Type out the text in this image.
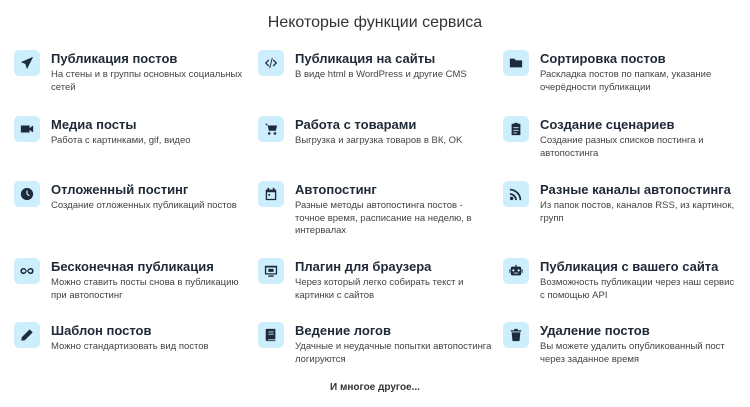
Некоторые функции сервиса
Публикация постов
На стены и в группы основных социальных сетей
Публикация на сайты
В виде html в WordPress и другие CMS
Сортировка постов
Раскладка постов по папкам, указание очерёдности публикации
Медиа посты
Работа с картинками, gif, видео
Работа с товарами
Выгрузка и загрузка товаров в ВК, OK
Создание сценариев
Создание разных списков постинга и автопостинга
Отложенный постинг
Создание отложенных публикаций постов
Автопостинг
Разные методы автопостинга постов - точное время, расписание на неделю, в интервалах
Разные каналы автопостинга
Из папок постов, каналов RSS, из картинок, групп
Бесконечная публикация
Можно ставить посты снова в публикацию при автопостинг
Плагин для браузера
Через который легко собирать текст и картинки с сайтов
Публикация с вашего сайта
Возможность публикации через наш сервис с помощью API
Шаблон постов
Можно стандартизовать вид постов
Ведение логов
Удачные и неудачные попытки автопостинга логируются
Удаление постов
Вы можете удалить опубликованный пост через заданное время
И многое другое...
